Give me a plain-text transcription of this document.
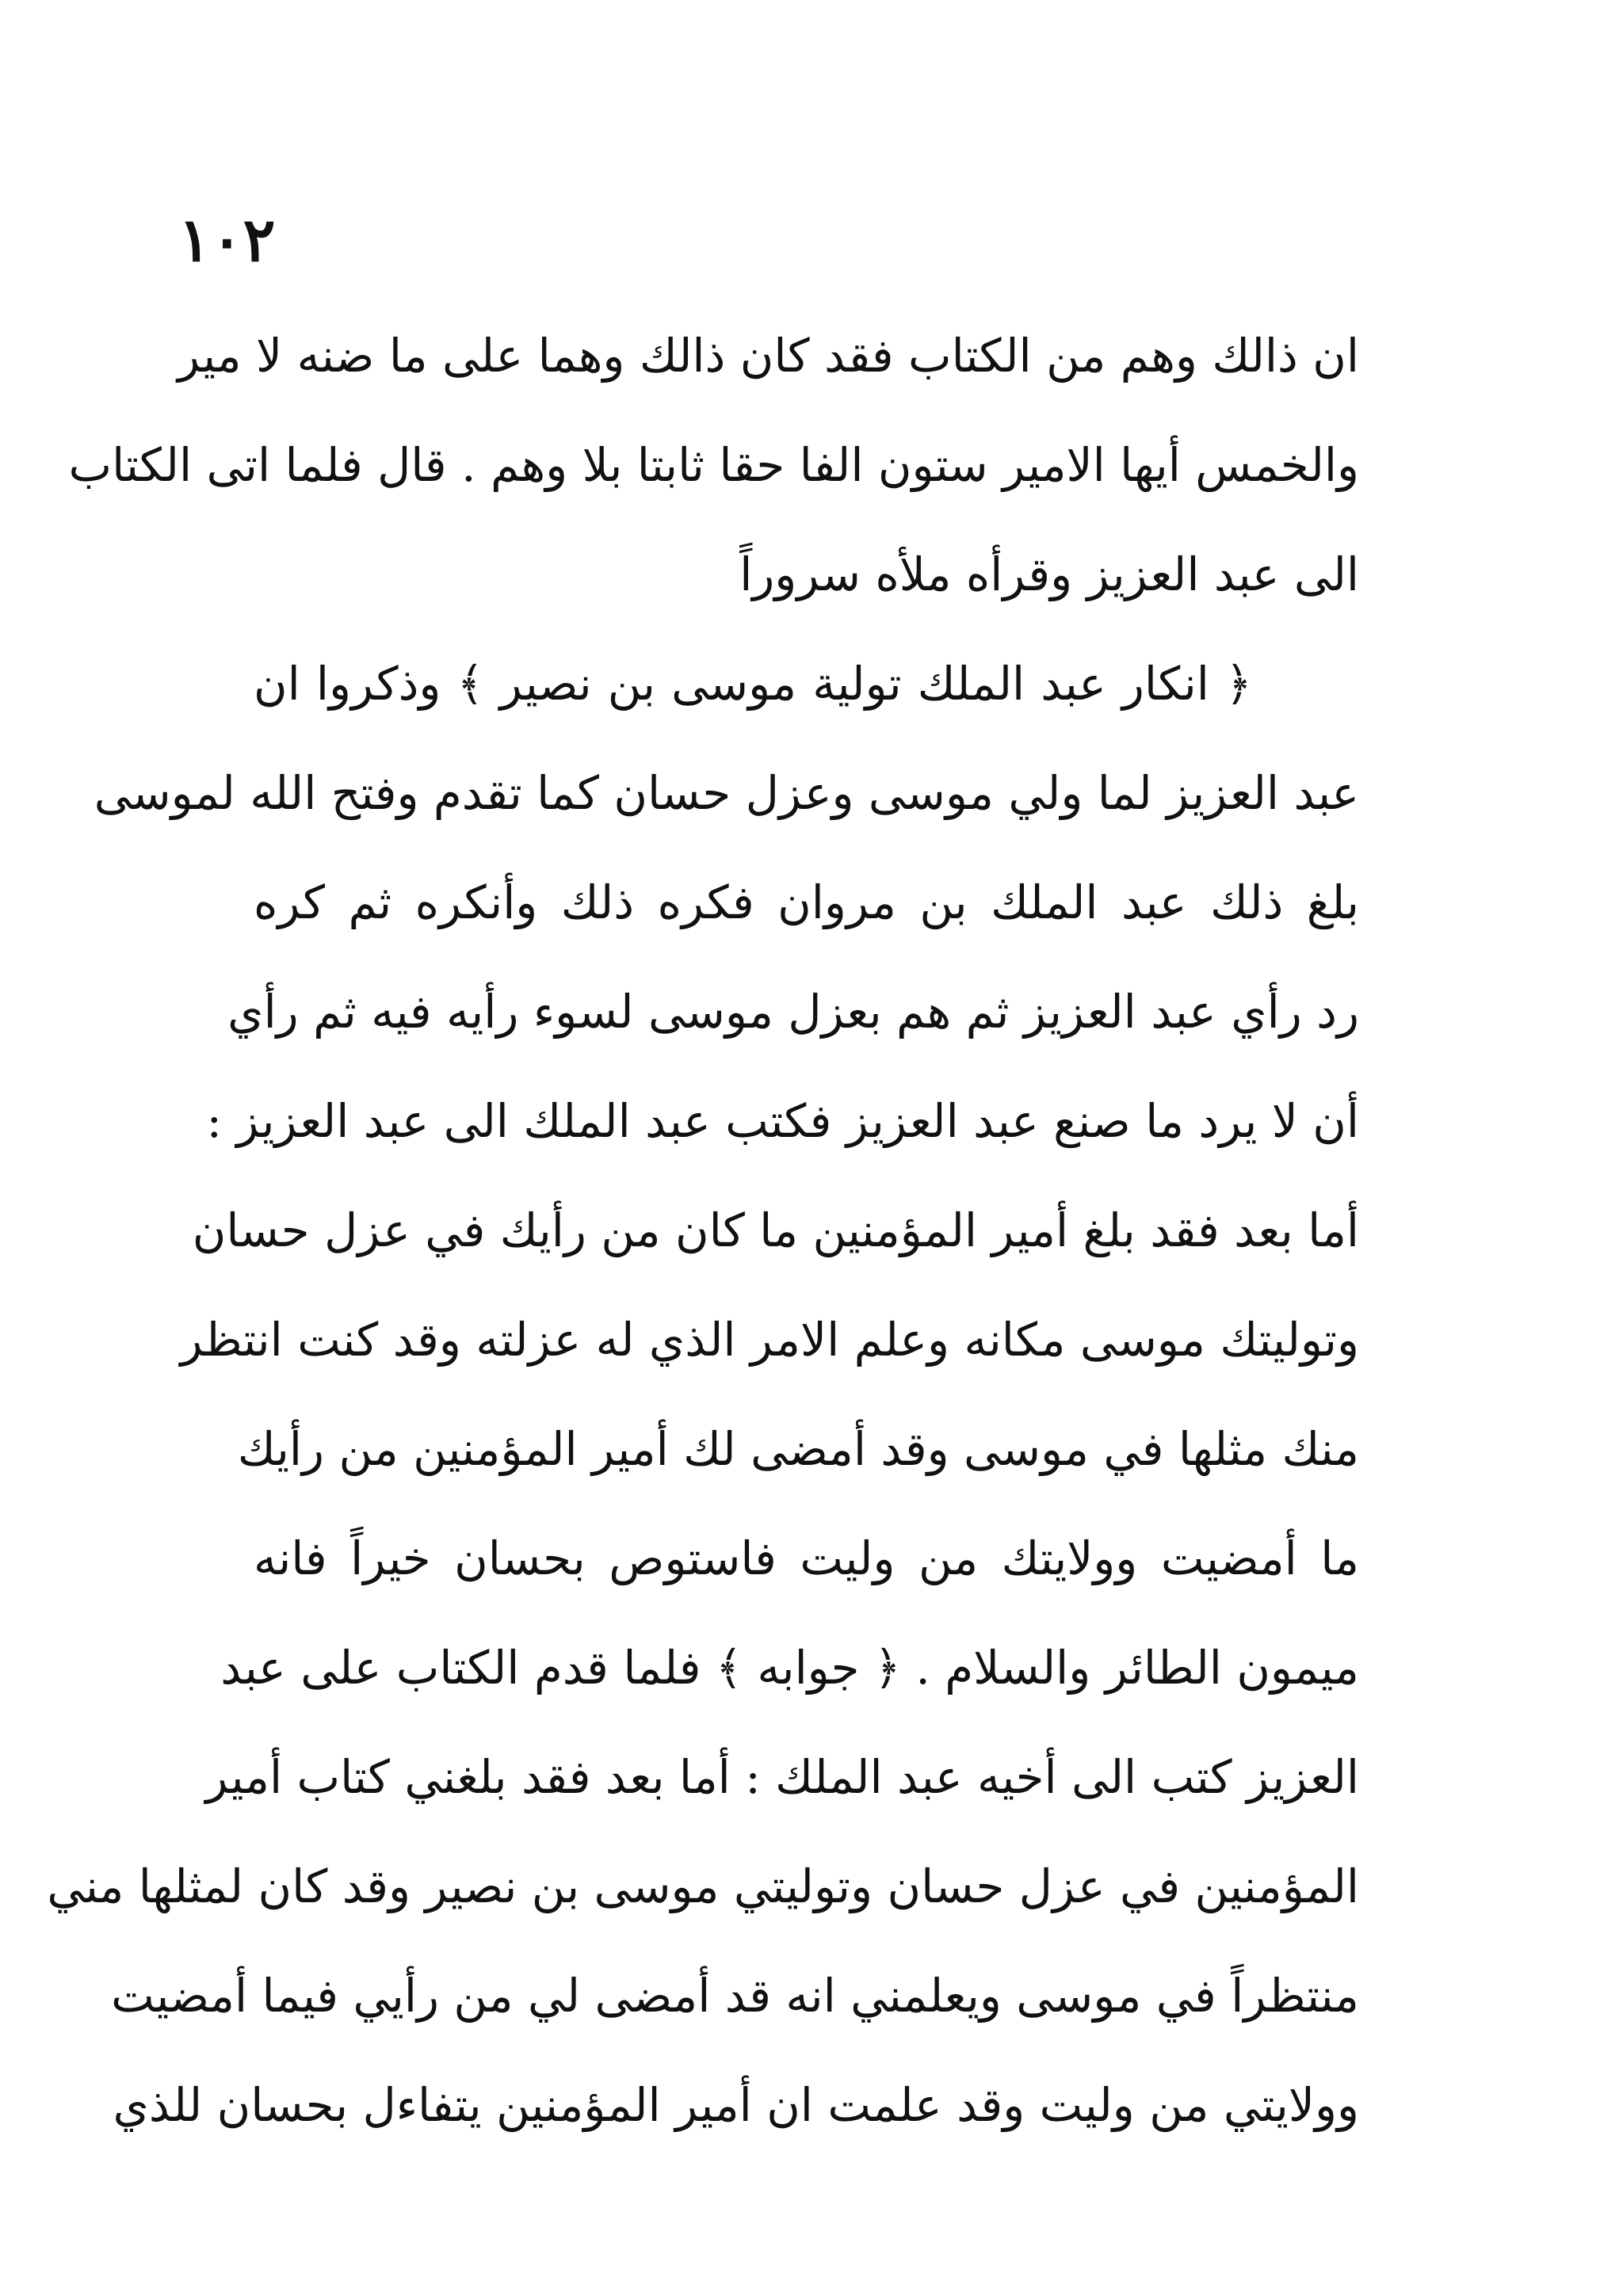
١٠٢
ان ذالك وهم من الكتاب فقد كان ذالك وهما على ما ضنه لا مير
والخمس أيها الامير ستون الفا حقا ثابتا بلا وهم . قال فلما اتى الكتاب
الى عبد العزيز وقرأه ملأه سروراً
﴿ انكار عبد الملك تولية موسى بن نصير ﴾ وذكروا ان
عبد العزيز لما ولي موسى وعزل حسان كما تقدم وفتح الله لموسى
بلغ ذلك عبد الملك بن مروان فكره ذلك وأنكره ثم كره
رد رأي عبد العزيز ثم هم بعزل موسى لسوء رأيه فيه ثم رأي
أن لا يرد ما صنع عبد العزيز فكتب عبد الملك الى عبد العزيز :
أما بعد فقد بلغ أمير المؤمنين ما كان من رأيك في عزل حسان
وتوليتك موسى مكانه وعلم الامر الذي له عزلته وقد كنت انتظر
منك مثلها في موسى وقد أمضى لك أمير المؤمنين من رأيك
ما أمضيت وولايتك من وليت فاستوص بحسان خيراً فانه
ميمون الطائر والسلام . ﴿ جوابه ﴾ فلما قدم الكتاب على عبد
العزيز كتب الى أخيه عبد الملك : أما بعد فقد بلغني كتاب أمير
المؤمنين في عزل حسان وتوليتي موسى بن نصير وقد كان لمثلها مني
منتظراً في موسى ويعلمني انه قد أمضى لي من رأيي فيما أمضيت
وولايتي من وليت وقد علمت ان أمير المؤمنين يتفاءل بحسان للذي
